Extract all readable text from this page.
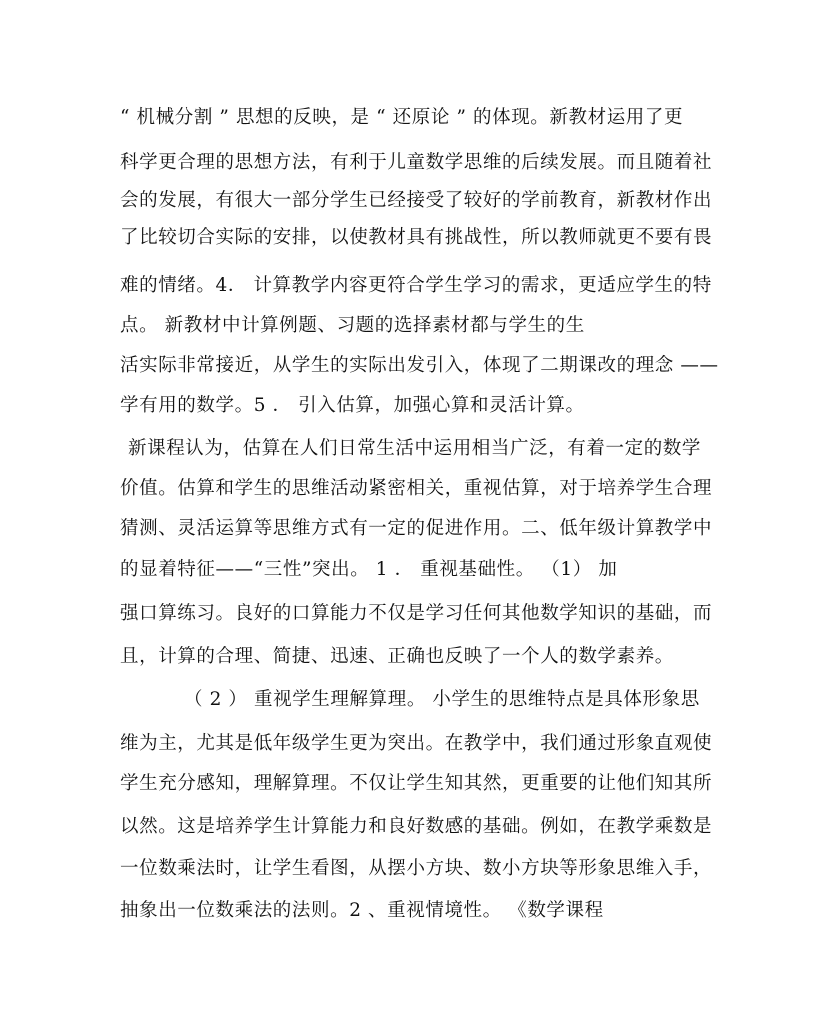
“ 机械分割 ” 思想的反映，是 “ 还原论 ” 的体现。新教材运用了更
科学更合理的思想方法，有利于儿童数学思维的后续发展。而且随着社
会的发展，有很大一部分学生已经接受了较好的学前教育，新教材作出
了比较切合实际的安排，以使教材具有挑战性，所以教师就更不要有畏
难的情绪。4． 计算教学内容更符合学生学习的需求，更适应学生的特
点。 新教材中计算例题、习题的选择素材都与学生的生
活实际非常接近，从学生的实际出发引入，体现了二期课改的理念 ——
学有用的数学。5 ． 引入估算，加强心算和灵活计算。
新课程认为，估算在人们日常生活中运用相当广泛，有着一定的数学
价值。估算和学生的思维活动紧密相关，重视估算，对于培养学生合理
猜测、灵活运算等思维方式有一定的促进作用。二、低年级计算教学中
的显着特征——“三性”突出。 1 ． 重视基础性。 （1） 加
强口算练习。良好的口算能力不仅是学习任何其他数学知识的基础，而
且，计算的合理、简捷、迅速、正确也反映了一个人的数学素养。
（ 2 ） 重视学生理解算理。 小学生的思维特点是具体形象思
维为主，尤其是低年级学生更为突出。在教学中，我们通过形象直观使
学生充分感知，理解算理。不仅让学生知其然，更重要的让他们知其所
以然。这是培养学生计算能力和良好数感的基础。例如，在教学乘数是
一位数乘法时，让学生看图，从摆小方块、数小方块等形象思维入手，
抽象出一位数乘法的法则。2 、重视情境性。 《数学课程
